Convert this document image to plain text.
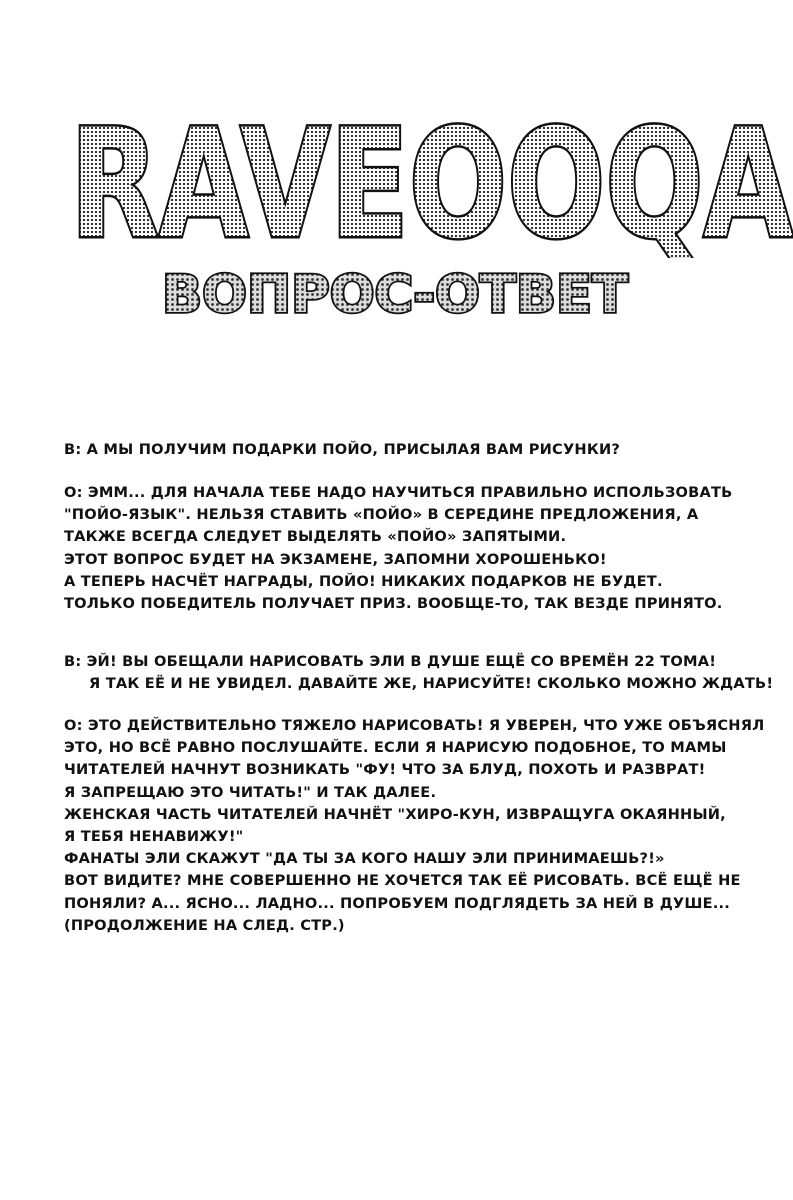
RAVEOOQA
ВОПРОС-ОТВЕТ
В: А МЫ ПОЛУЧИМ ПОДАРКИ ПОЙО, ПРИСЫЛАЯ ВАМ РИСУНКИ?
О: ЭММ... ДЛЯ НАЧАЛА ТЕБЕ НАДО НАУЧИТЬСЯ ПРАВИЛЬНО ИСПОЛЬЗОВАТЬ
"ПОЙО-ЯЗЫК". НЕЛЬЗЯ СТАВИТЬ «ПОЙО» В СЕРЕДИНЕ ПРЕДЛОЖЕНИЯ, А
ТАКЖЕ ВСЕГДА СЛЕДУЕТ ВЫДЕЛЯТЬ «ПОЙО» ЗАПЯТЫМИ.
ЭТОТ ВОПРОС БУДЕТ НА ЭКЗАМЕНЕ, ЗАПОМНИ ХОРОШЕНЬКО!
А ТЕПЕРЬ НАСЧЁТ НАГРАДЫ, ПОЙО! НИКАКИХ ПОДАРКОВ НЕ БУДЕТ.
ТОЛЬКО ПОБЕДИТЕЛЬ ПОЛУЧАЕТ ПРИЗ. ВООБЩЕ-ТО, ТАК ВЕЗДЕ ПРИНЯТО.
В: ЭЙ! ВЫ ОБЕЩАЛИ НАРИСОВАТЬ ЭЛИ В ДУШЕ ЕЩЁ СО ВРЕМЁН 22 ТОМА!
Я ТАК ЕЁ И НЕ УВИДЕЛ. ДАВАЙТЕ ЖЕ, НАРИСУЙТЕ! СКОЛЬКО МОЖНО ЖДАТЬ!
О: ЭТО ДЕЙСТВИТЕЛЬНО ТЯЖЕЛО НАРИСОВАТЬ! Я УВЕРЕН, ЧТО УЖЕ ОБЪЯСНЯЛ
ЭТО, НО ВСЁ РАВНО ПОСЛУШАЙТЕ. ЕСЛИ Я НАРИСУЮ ПОДОБНОЕ, ТО МАМЫ
ЧИТАТЕЛЕЙ НАЧНУТ ВОЗНИКАТЬ "ФУ! ЧТО ЗА БЛУД, ПОХОТЬ И РАЗВРАТ!
Я ЗАПРЕЩАЮ ЭТО ЧИТАТЬ!" И ТАК ДАЛЕЕ.
ЖЕНСКАЯ ЧАСТЬ ЧИТАТЕЛЕЙ НАЧНЁТ "ХИРО-КУН, ИЗВРАЩУГА ОКАЯННЫЙ,
Я ТЕБЯ НЕНАВИЖУ!"
ФАНАТЫ ЭЛИ СКАЖУТ "ДА ТЫ ЗА КОГО НАШУ ЭЛИ ПРИНИМАЕШЬ?!»
ВОТ ВИДИТЕ? МНЕ СОВЕРШЕННО НЕ ХОЧЕТСЯ ТАК ЕЁ РИСОВАТЬ. ВСЁ ЕЩЁ НЕ
ПОНЯЛИ? А... ЯСНО... ЛАДНО... ПОПРОБУЕМ ПОДГЛЯДЕТЬ ЗА НЕЙ В ДУШЕ...
(ПРОДОЛЖЕНИЕ НА СЛЕД. СТР.)
